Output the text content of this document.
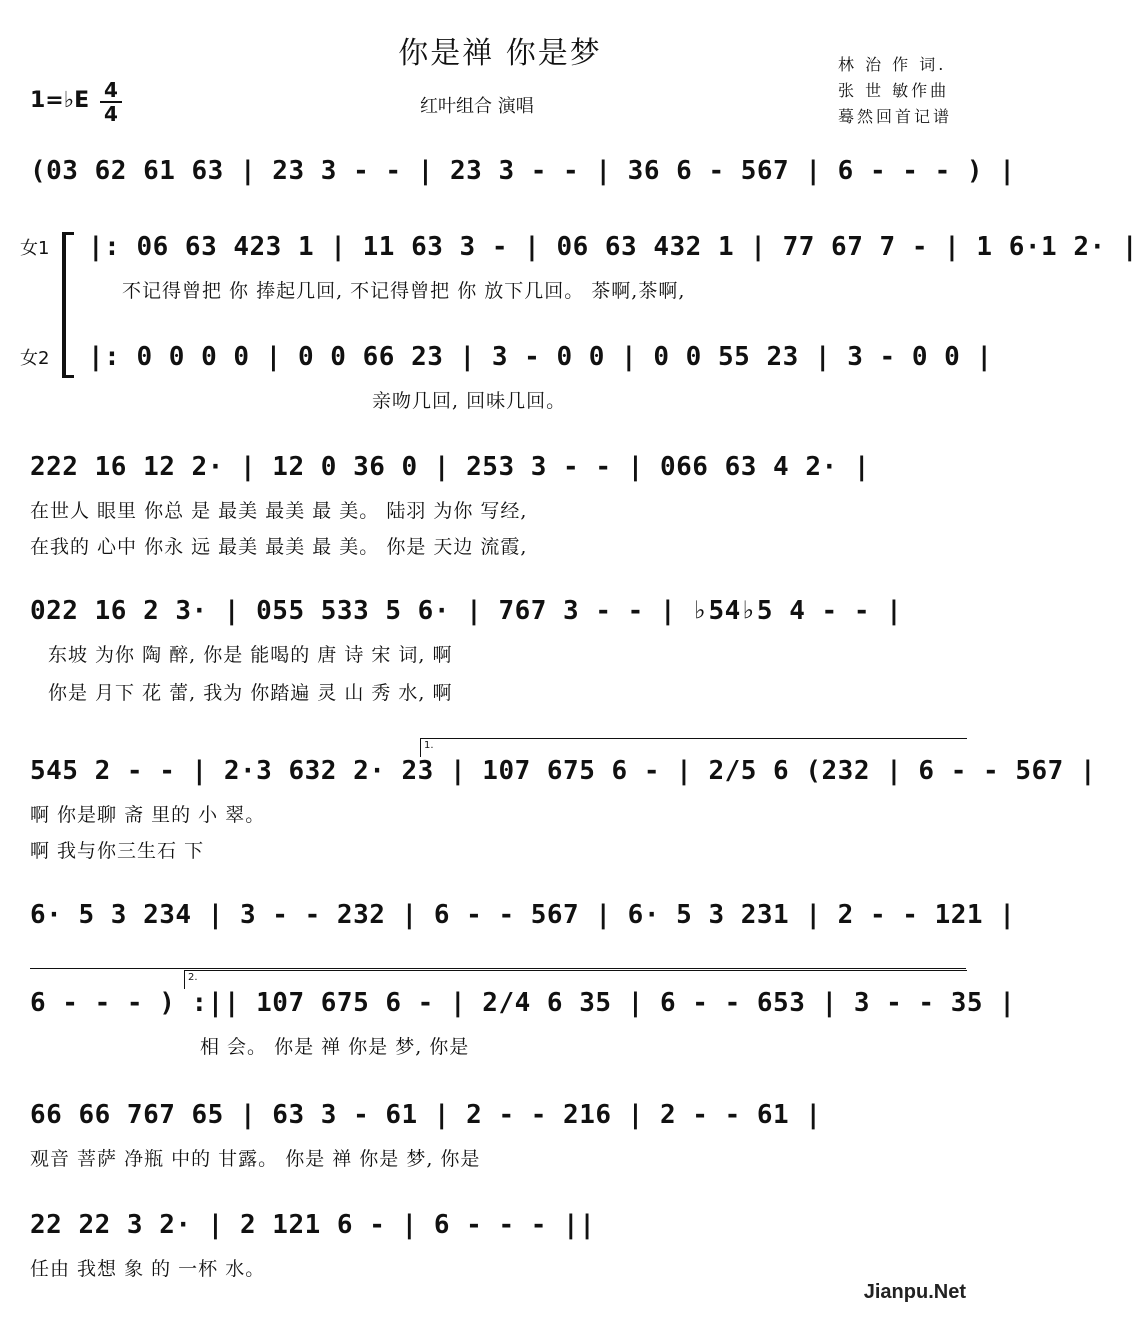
你是禅 你是梦	林 治 作 词.
张 世 敏作曲
蓦然回首记谱
红叶组合 演唱
1=♭E 4
4
(03 62 61 63 | 23 3 - - | 23 3 - - | 36 6 - 567 | 6 - - - ) |
女1
女2
|: 06 63 423 1 | 11 63 3 - | 06 63 432 1 | 77 67 7 - | 1 6·1 2· |
不记得曾把 你 捧起几回, 不记得曾把 你 放下几回。 茶啊,茶啊,
|: 0 0 0 0 | 0 0 66 23 | 3 - 0 0 | 0 0 55 23 | 3 - 0 0 |
亲吻几回, 回味几回。
222 16 12 2· | 12 0 36 0 | 253 3 - - | 066 63 4 2· |
在世人 眼里 你总 是 最美 最美 最 美。 陆羽 为你 写经,
在我的 心中 你永 远 最美 最美 最 美。 你是 天边 流霞,
022 16 2 3· | 055 533 5 6· | 767 3 - - | ♭54♭5 4 - - |
东坡 为你 陶 醉, 你是 能喝的 唐 诗 宋 词, 啊
你是 月下 花 蕾, 我为 你踏遍 灵 山 秀 水, 啊
1.
545 2 - - | 2·3 632 2· 23 | 107 675 6 - | 2/5 6 (232 | 6 - - 567 |
啊 你是聊 斋 里的 小 翠。
啊 我与你三生石 下
6· 5 3 234 | 3 - - 232 | 6 - - 567 | 6· 5 3 231 | 2 - - 121 |
2.
6 - - - ) :|| 107 675 6 - | 2/4 6 35 | 6 - - 653 | 3 - - 35 |
相 会。 你是 禅 你是 梦, 你是
66 66 767 65 | 63 3 - 61 | 2 - - 216 | 2 - - 61 |
观音 菩萨 净瓶 中的 甘露。 你是 禅 你是 梦, 你是
22 22 3 2· | 2 121 6 - | 6 - - - ||
任由 我想 象 的 一杯 水。
Jianpu.Net
